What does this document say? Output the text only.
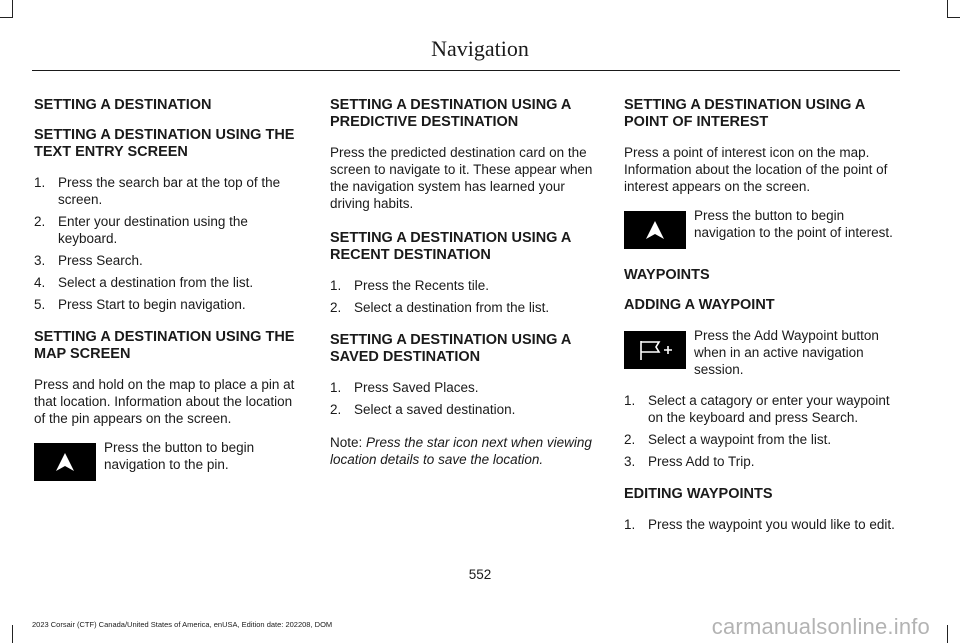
Navigation
SETTING A DESTINATION
SETTING A DESTINATION USING THE TEXT ENTRY SCREEN
1. Press the search bar at the top of the screen.
2. Enter your destination using the keyboard.
3. Press Search.
4. Select a destination from the list.
5. Press Start to begin navigation.
SETTING A DESTINATION USING THE MAP SCREEN

Press and hold on the map to place a pin at that location. Information about the location of the pin appears on the screen.

Press the button to begin navigation to the pin.
SETTING A DESTINATION USING A PREDICTIVE DESTINATION

Press the predicted destination card on the screen to navigate to it. These appear when the navigation system has learned your driving habits.

SETTING A DESTINATION USING A RECENT DESTINATION
1. Press the Recents tile.
2. Select a destination from the list.
SETTING A DESTINATION USING A SAVED DESTINATION
1. Press Saved Places.
2. Select a saved destination.

Note: Press the star icon next when viewing location details to save the location.

SETTING A DESTINATION USING A POINT OF INTEREST

Press a point of interest icon on the map. Information about the location of the point of interest appears on the screen.

Press the button to begin navigation to the point of interest.
WAYPOINTS
ADDING A WAYPOINT
Press the Add Waypoint button when in an active navigation session.
1. Select a catagory or enter your waypoint on the keyboard and press Search.
2. Select a waypoint from the list.
3. Press Add to Trip.
EDITING WAYPOINTS
1. Press the waypoint you would like to edit.
552
2023 Corsair (CTF) Canada/United States of America, enUSA, Edition date: 202208, DOM	carmanualsonline.info
